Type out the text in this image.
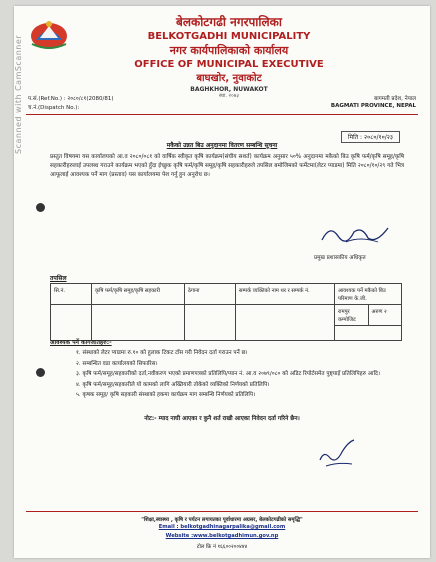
Scanned with CamScanner
बेलकोटगढी नगरपालिका
BELKOTGADHI MUNICIPALITY
नगर कार्यपालिकाको कार्यालय
OFFICE OF MUNICIPAL EXECUTIVE
बाघखोर, नुवाकोट
BAGHKHOR, NUWAKOT
स्था. २०७३
प.सं.(Ref.No.) : २०८०/८१(2080/81)
च.नं.(Dispatch No.):
बागमती प्रदेश, नेपाल
BAGMATI PROVINCE, NEPAL
मिति : २०८०/१०/२३
मकैको उन्नत बिउ अनुदानमा वितरण सम्बन्धि सूचना
प्रस्तुत विषयमा यस कार्यालयको आ.व २०८०/०८१ को वार्षिक स्वीकृत कृषि कार्यक्रम(संघीय सशर्त) कार्यक्रम अनुसार ५०% अनुदानमा मकैको बिउ कृषि फर्म/कृषि समूह/कृषि सहकारीहरुलाई उपलब्ध गराउने कार्यक्रम भएको हुँदा ईच्छुक कृषि फर्म/कृषि समूह/कृषि सहकारीहरुले तपसिल बमोजिमको फर्मेटमा(लेटर प्याडमा) मिति २०८०/१०/२९ गते भित्र आफूलाई आवश्यक पर्ने माग (प्रस्ताव) यस कार्यालयमा पेश गर्नु हुन अनुरोध छ।
प्रमुख प्रशासकीय अधिकृत
तपसिल
सि.नं.	कृषि फर्म/कृषि समूह/कृषि सहकारी	ठेगाना	सम्पर्क व्यक्तिको नाम थर र सम्पर्क नं.	आवश्यक पर्ने मकैको बिउ परिमाण के.जी.

				रामपुर कम्पोजिट
अरुण २

आवश्यक पर्ने कागजातहरु:-
१. संस्थाको लेटर प्याडमा रु.१० को हुलाक टिकट टाँस गरी निवेदन दर्ता गराउन पर्ने छ।
२. सम्बन्धित वडा कार्यालयको सिफारिस।
३. कृषि फर्म/समूह/सहकारीको दर्ता,नवीकरण भएको प्रमाणपत्रको प्रतिलिपि/प्यान नं. आ.व २०७९/०८० को अडिट रिपोर्टसमेत पुष्ट्याइँ प्रतिलिपिहरु आदि।
४. कृषि फर्म/समूह/सहकारीले यो कामको लागि अख्तियारी तोकेको व्यक्तिको निर्णयको प्रतिलिपि।
५. कृषक समूह/ कृषि सहकारी संस्थाको हकमा कार्यक्रम माग सम्बन्धि निर्णयको प्रतिलिपि।
नोट:- म्याद नाघी आएका र कुनै शर्त राखी आएका निवेदन दर्ता गरिने छैन।
"शिक्षा,स्वास्थ्य , कृषि र पर्यटन लगायतका पूर्वाधारमा अग्रसर, बेलकोटगढीको समृद्धि"
Email : belkotgadhinagarpalika@gmail.com
Website :www.belkotgadhimun.gov.np
टोल फ्रि नं १६६००२००४४४
